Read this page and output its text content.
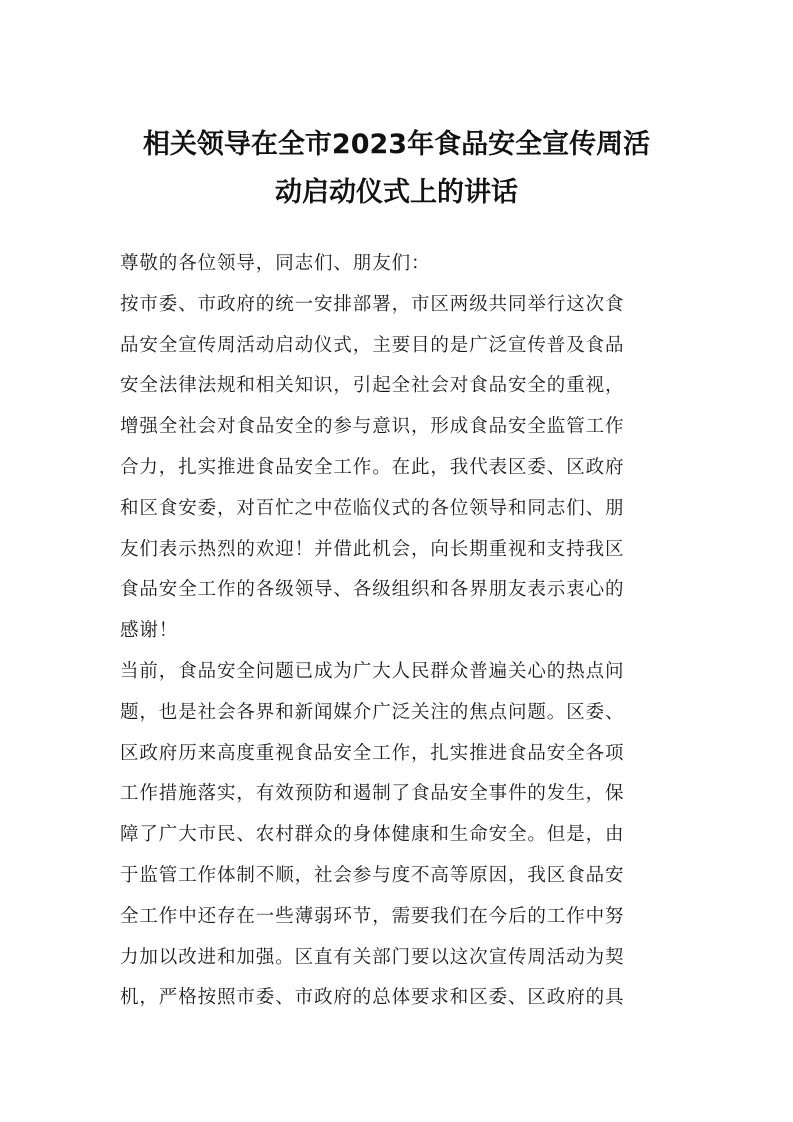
相关领导在全市2023年食品安全宣传周活
动启动仪式上的讲话
尊敬的各位领导，同志们、朋友们：
按市委、市政府的统一安排部署，市区两级共同举行这次食
品安全宣传周活动启动仪式，主要目的是广泛宣传普及食品
安全法律法规和相关知识，引起全社会对食品安全的重视，
增强全社会对食品安全的参与意识，形成食品安全监管工作
合力，扎实推进食品安全工作。在此，我代表区委、区政府
和区食安委，对百忙之中莅临仪式的各位领导和同志们、朋
友们表示热烈的欢迎！并借此机会，向长期重视和支持我区
食品安全工作的各级领导、各级组织和各界朋友表示衷心的
感谢！
当前，食品安全问题已成为广大人民群众普遍关心的热点问
题，也是社会各界和新闻媒介广泛关注的焦点问题。区委、
区政府历来高度重视食品安全工作，扎实推进食品安全各项
工作措施落实，有效预防和遏制了食品安全事件的发生，保
障了广大市民、农村群众的身体健康和生命安全。但是，由
于监管工作体制不顺，社会参与度不高等原因，我区食品安
全工作中还存在一些薄弱环节，需要我们在今后的工作中努
力加以改进和加强。区直有关部门要以这次宣传周活动为契
机，严格按照市委、市政府的总体要求和区委、区政府的具
